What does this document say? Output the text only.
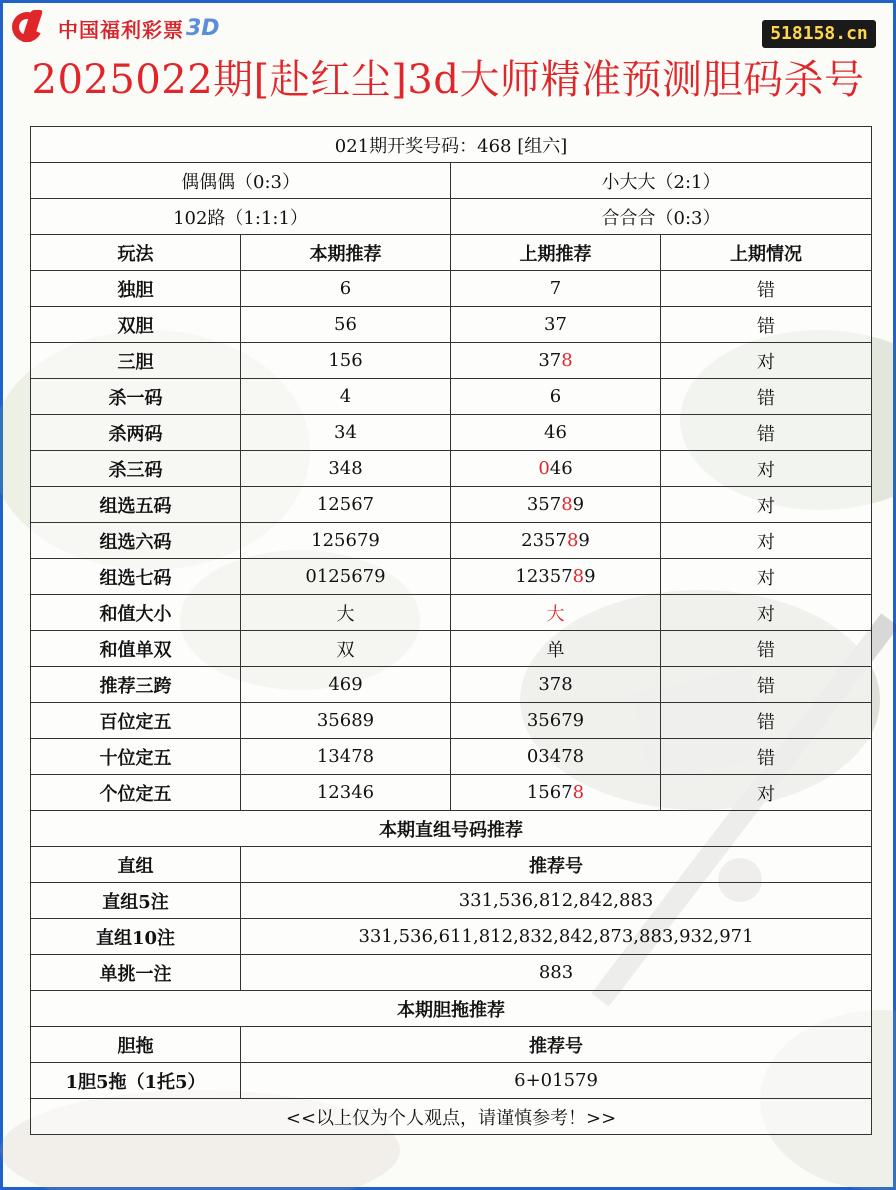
中国福利彩票 3D	518158.cn
2025022期[赴红尘]3d大师精准预测胆码杀号
021期开奖号码：468 [组六]			
偶偶偶（0:3）		小大大（2:1）	
102路（1:1:1）		合合合（0:3）	
玩法	本期推荐	上期推荐	上期情况
独胆	6	7	错
双胆	56	37	错
三胆	156	378	对
杀一码	4	6	错
杀两码	34	46	错
杀三码	348	046	对
组选五码	12567	35789	对
组选六码	125679	235789	对
组选七码	0125679	1235789	对
和值大小	大	大	对
和值单双	双	单	错
推荐三跨	469	378	错
百位定五	35689	35679	错
十位定五	13478	03478	错
个位定五	12346	15678	对
本期直组号码推荐			
直组	推荐号		
直组5注	331,536,812,842,883		
直组10注	331,536,611,812,832,842,873,883,932,971		
单挑一注	883		
本期胆拖推荐			
胆拖	推荐号		
1胆5拖（1托5）	6+01579		
<<以上仅为个人观点，请谨慎参考！>>			
